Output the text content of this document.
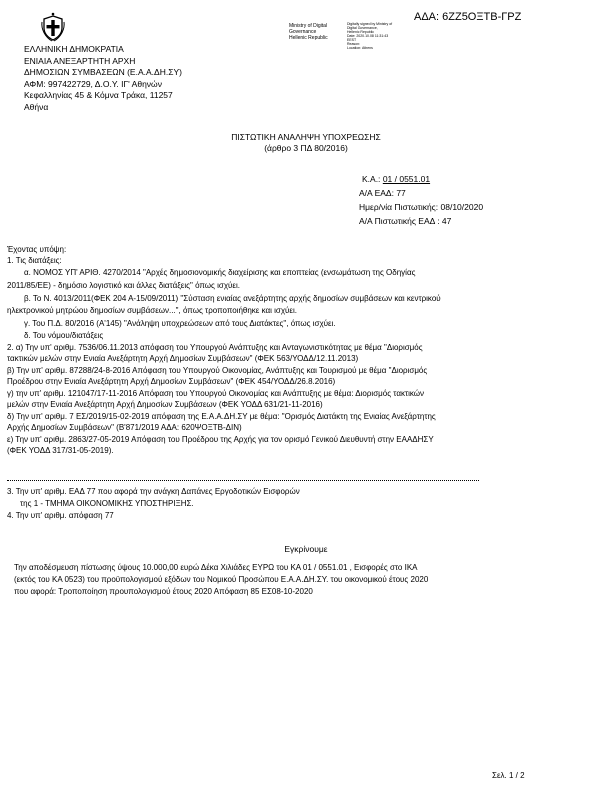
ΑΔΑ: 6ΖΖ5ΟΞΤΒ-ΓΡΖ
Ministry of Digital
Governance
Hellenic Republic
Digitally signed by Ministry of
Digital Governance,
Hellenic Republic
Date: 2020.10.08 11:31:43
EEST
Reason:
Location: Athens
ΕΛΛΗΝΙΚΗ ΔΗΜΟΚΡΑΤΙΑ
ΕΝΙΑΙΑ ΑΝΕΞΑΡΤΗΤΗ ΑΡΧΗ
ΔΗΜΟΣΙΩΝ ΣΥΜΒΑΣΕΩΝ (Ε.Α.Α.ΔΗ.ΣΥ)
ΑΦΜ: 997422729, Δ.Ο.Υ. ΙΓ' Αθηνών
Κεφαλληνίας 45 & Κόμνα Τράκα, 11257
Αθήνα
ΠΙΣΤΩΤΙΚΗ ΑΝΑΛΗΨΗ ΥΠΟΧΡΕΩΣΗΣ
(άρθρο 3 ΠΔ 80/2016)
Κ.Α.: 01 / 0551.01
Α/Α ΕΑΔ: 77
Ημερ/νία Πιστωτικής: 08/10/2020
Α/Α Πιστωτικής ΕΑΔ : 47
Έχοντας υπόψη:
1. Τις διατάξεις:
α. ΝΟΜΟΣ ΥΠ' ΑΡΙΘ. 4270/2014 "Αρχές δημοσιονομικής διαχείρισης και εποπτείας (ενσωμάτωση της Οδηγίας
2011/85/ΕΕ) - δημόσιο λογιστικό και άλλες διατάξεις" όπως ισχύει.
β. Το Ν. 4013/2011(ΦΕΚ 204 Α-15/09/2011) "Σύσταση ενιαίας ανεξάρτητης αρχής δημοσίων συμβάσεων και κεντρικού
ηλεκτρονικού μητρώου δημοσίων συμβάσεων...", όπως τροποποιήθηκε και ισχύει.
γ. Του Π.Δ. 80/2016 (Α'145) "Ανάληψη υποχρεώσεων από τους Διατάκτες", όπως ισχύει.
δ. Του νόμου/διατάξεις
2. α) Την υπ' αριθμ. 7536/06.11.2013 απόφαση του Υπουργού Ανάπτυξης και Ανταγωνιστικότητας με θέμα "Διορισμός
τακτικών μελών στην Ενιαία Ανεξάρτητη Αρχή Δημοσίων Συμβάσεων" (ΦΕΚ 563/ΥΟΔΔ/12.11.2013)
β) Την υπ' αριθμ. 87288/24-8-2016 Απόφαση του Υπουργού Οικονομίας, Ανάπτυξης και Τουρισμού με θέμα "Διορισμός
Προέδρου στην Ενιαία Ανεξάρτητη Αρχή Δημοσίων Συμβάσεων" (ΦΕΚ 454/ΥΟΔΔ/26.8.2016)
γ) την υπ' αριθμ. 121047/17-11-2016 Απόφαση του Υπουργού Οικονομίας και Ανάπτυξης με θέμα: Διορισμός τακτικών
μελών στην Ενιαία Ανεξάρτητη Αρχή Δημοσίων Συμβάσεων (ΦΕΚ ΥΟΔΔ 631/21-11-2016)
δ) Την υπ' αριθμ. 7 ΕΣ/2019/15-02-2019 απόφαση της Ε.Α.Α.ΔΗ.ΣΥ με θέμα: "Ορισμός Διατάκτη της Ενιαίας Ανεξάρτητης
Αρχής Δημοσίων Συμβάσεων" (Β'871/2019 ΑΔΑ: 620ΨΟΞΤΒ-ΔΙΝ)
ε) Την υπ' αριθμ. 2863/27-05-2019 Απόφαση του Προέδρου της Αρχής για τον ορισμό Γενικού Διευθυντή στην ΕΑΑΔΗΣΥ
(ΦΕΚ ΥΟΔΔ 317/31-05-2019).
3. Την υπ' αριθμ. ΕΑΔ 77 που αφορά την ανάγκη Δαπάνες Εργοδοτικών Εισφορών
της 1 - ΤΜΗΜΑ ΟΙΚΟΝΟΜΙΚΗΣ ΥΠΟΣΤΗΡΙΞΗΣ.
4. Την υπ' αριθμ. απόφαση 77
Εγκρίνουμε
Την αποδέσμευση πίστωσης ύψους 10.000,00 ευρώ Δέκα Χιλιάδες ΕΥΡΩ του ΚΑ 01 / 0551.01 , Εισφορές στο ΙΚΑ
(εκτός του ΚΑ 0523) του προϋπολογισμού εξόδων του Νομικού Προσώπου Ε.Α.Α.ΔΗ.ΣΥ. του οικονομικού έτους 2020
που αφορά: Τροποποίηση προυπολογισμού έτους 2020 Απόφαση 85 ΕΣ08-10-2020
Σελ. 1 / 2
